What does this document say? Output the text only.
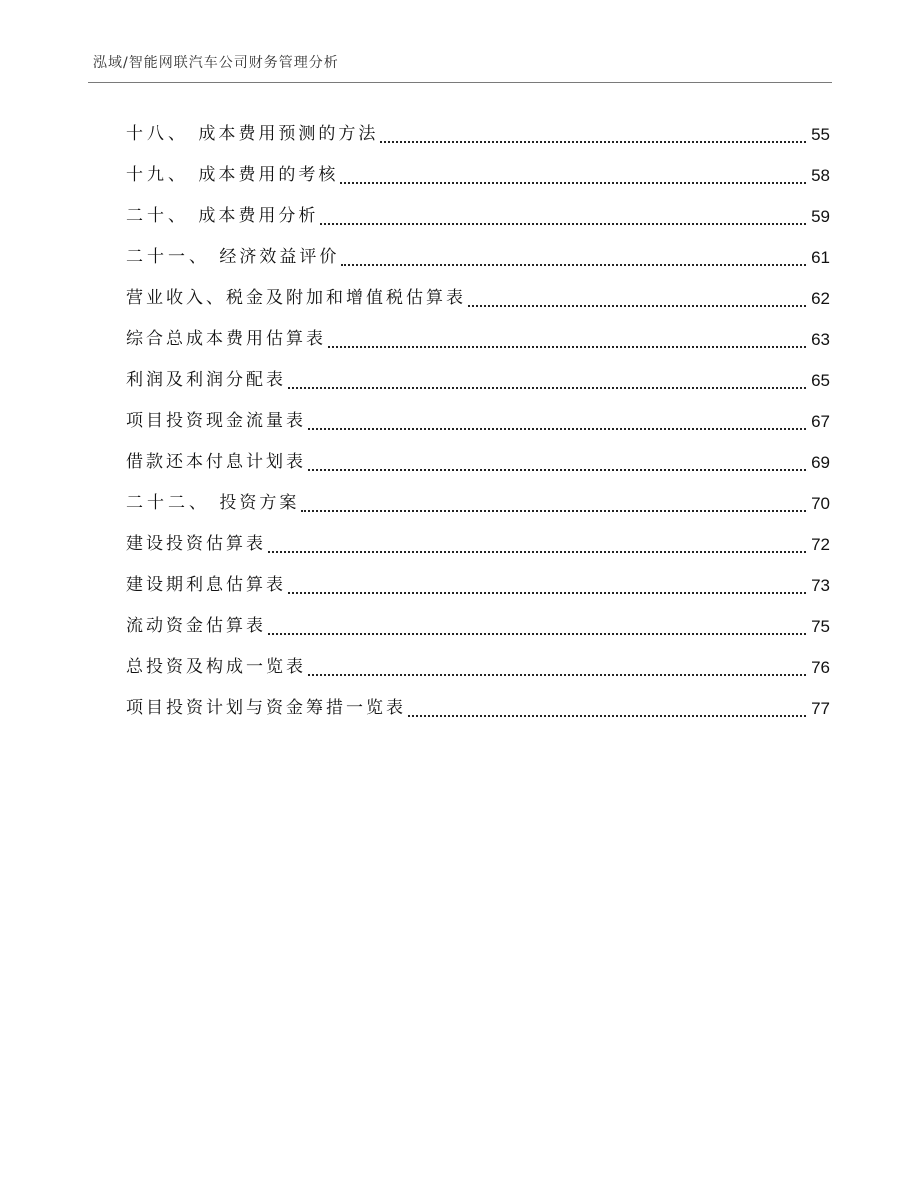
泓域/智能网联汽车公司财务管理分析
十八、 成本费用预测的方法	55
十九、 成本费用的考核	58
二十、 成本费用分析	59
二十一、 经济效益评价	61
营业收入、税金及附加和增值税估算表	62
综合总成本费用估算表	63
利润及利润分配表	65
项目投资现金流量表	67
借款还本付息计划表	69
二十二、 投资方案	70
建设投资估算表	72
建设期利息估算表	73
流动资金估算表	75
总投资及构成一览表	76
项目投资计划与资金筹措一览表	77
